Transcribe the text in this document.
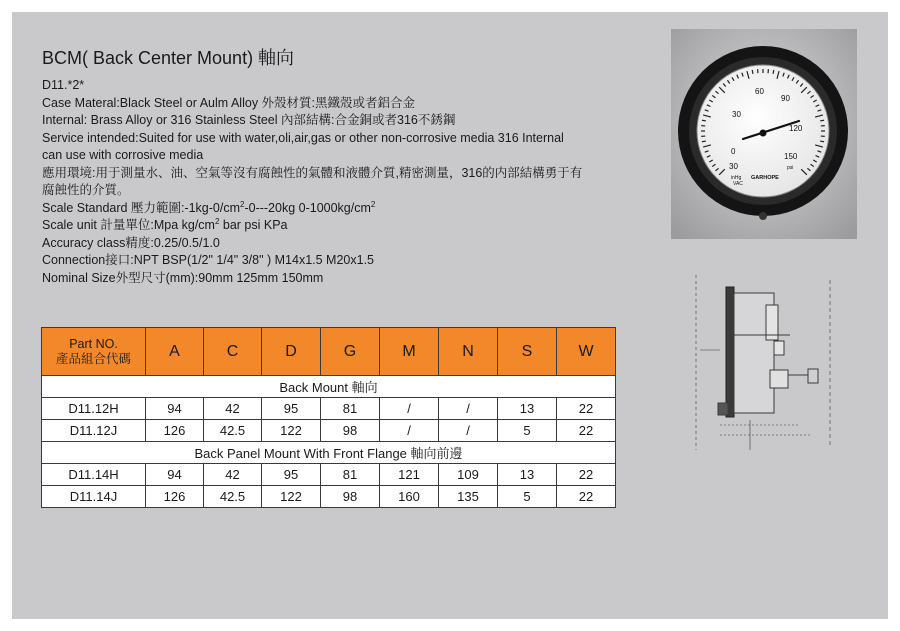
BCM( Back Center Mount) 軸向
D11.*2*
Case Materal:Black Steel or Aulm Alloy 外殼材質:黑鐵殼或者鋁合金
Internal: Brass Alloy or 316 Stainless Steel 內部結構:合金銅或者316不銹鋼
Service intended:Suited for use with water,oli,air,gas or other non-corrosive media 316 Internal
can use with corrosive media
應用環境:用于測量水、油、空氣等沒有腐蝕性的氣體和液體介質,精密測量，316的内部結構勇于有
腐蝕性的介質。
Scale Standard 壓力範圍$:-1kg-0/cm^2-0---20kg$ $0-1000kg/cm^2$
Scale unit 計量單位:Mpa $kg/cm^2$ bar psi KPa
Accuracy class精度:0.25/0.5/1.0
Connection接口:NPT BSP(1/2" 1/4" 3/8" ) M14x1.5 M20x1.5
Nominal Size外型尺寸(mm):90mm 125mm 150mm
0
30
60
90
120
150
30
inHg
VAC
psi
GARHOPE
Part NO.
產品組合代碼	A	C	D	G	M	N	S	W
Back Mount 軸向								
D11.12H	94	42	95	81	/	/	13	22
D11.12J	126	42.5	122	98	/	/	5	22
Back Panel Mount With Front Flange 軸向前邊								
D11.14H	94	42	95	81	121	109	13	22
D11.14J	126	42.5	122	98	160	135	5	22
